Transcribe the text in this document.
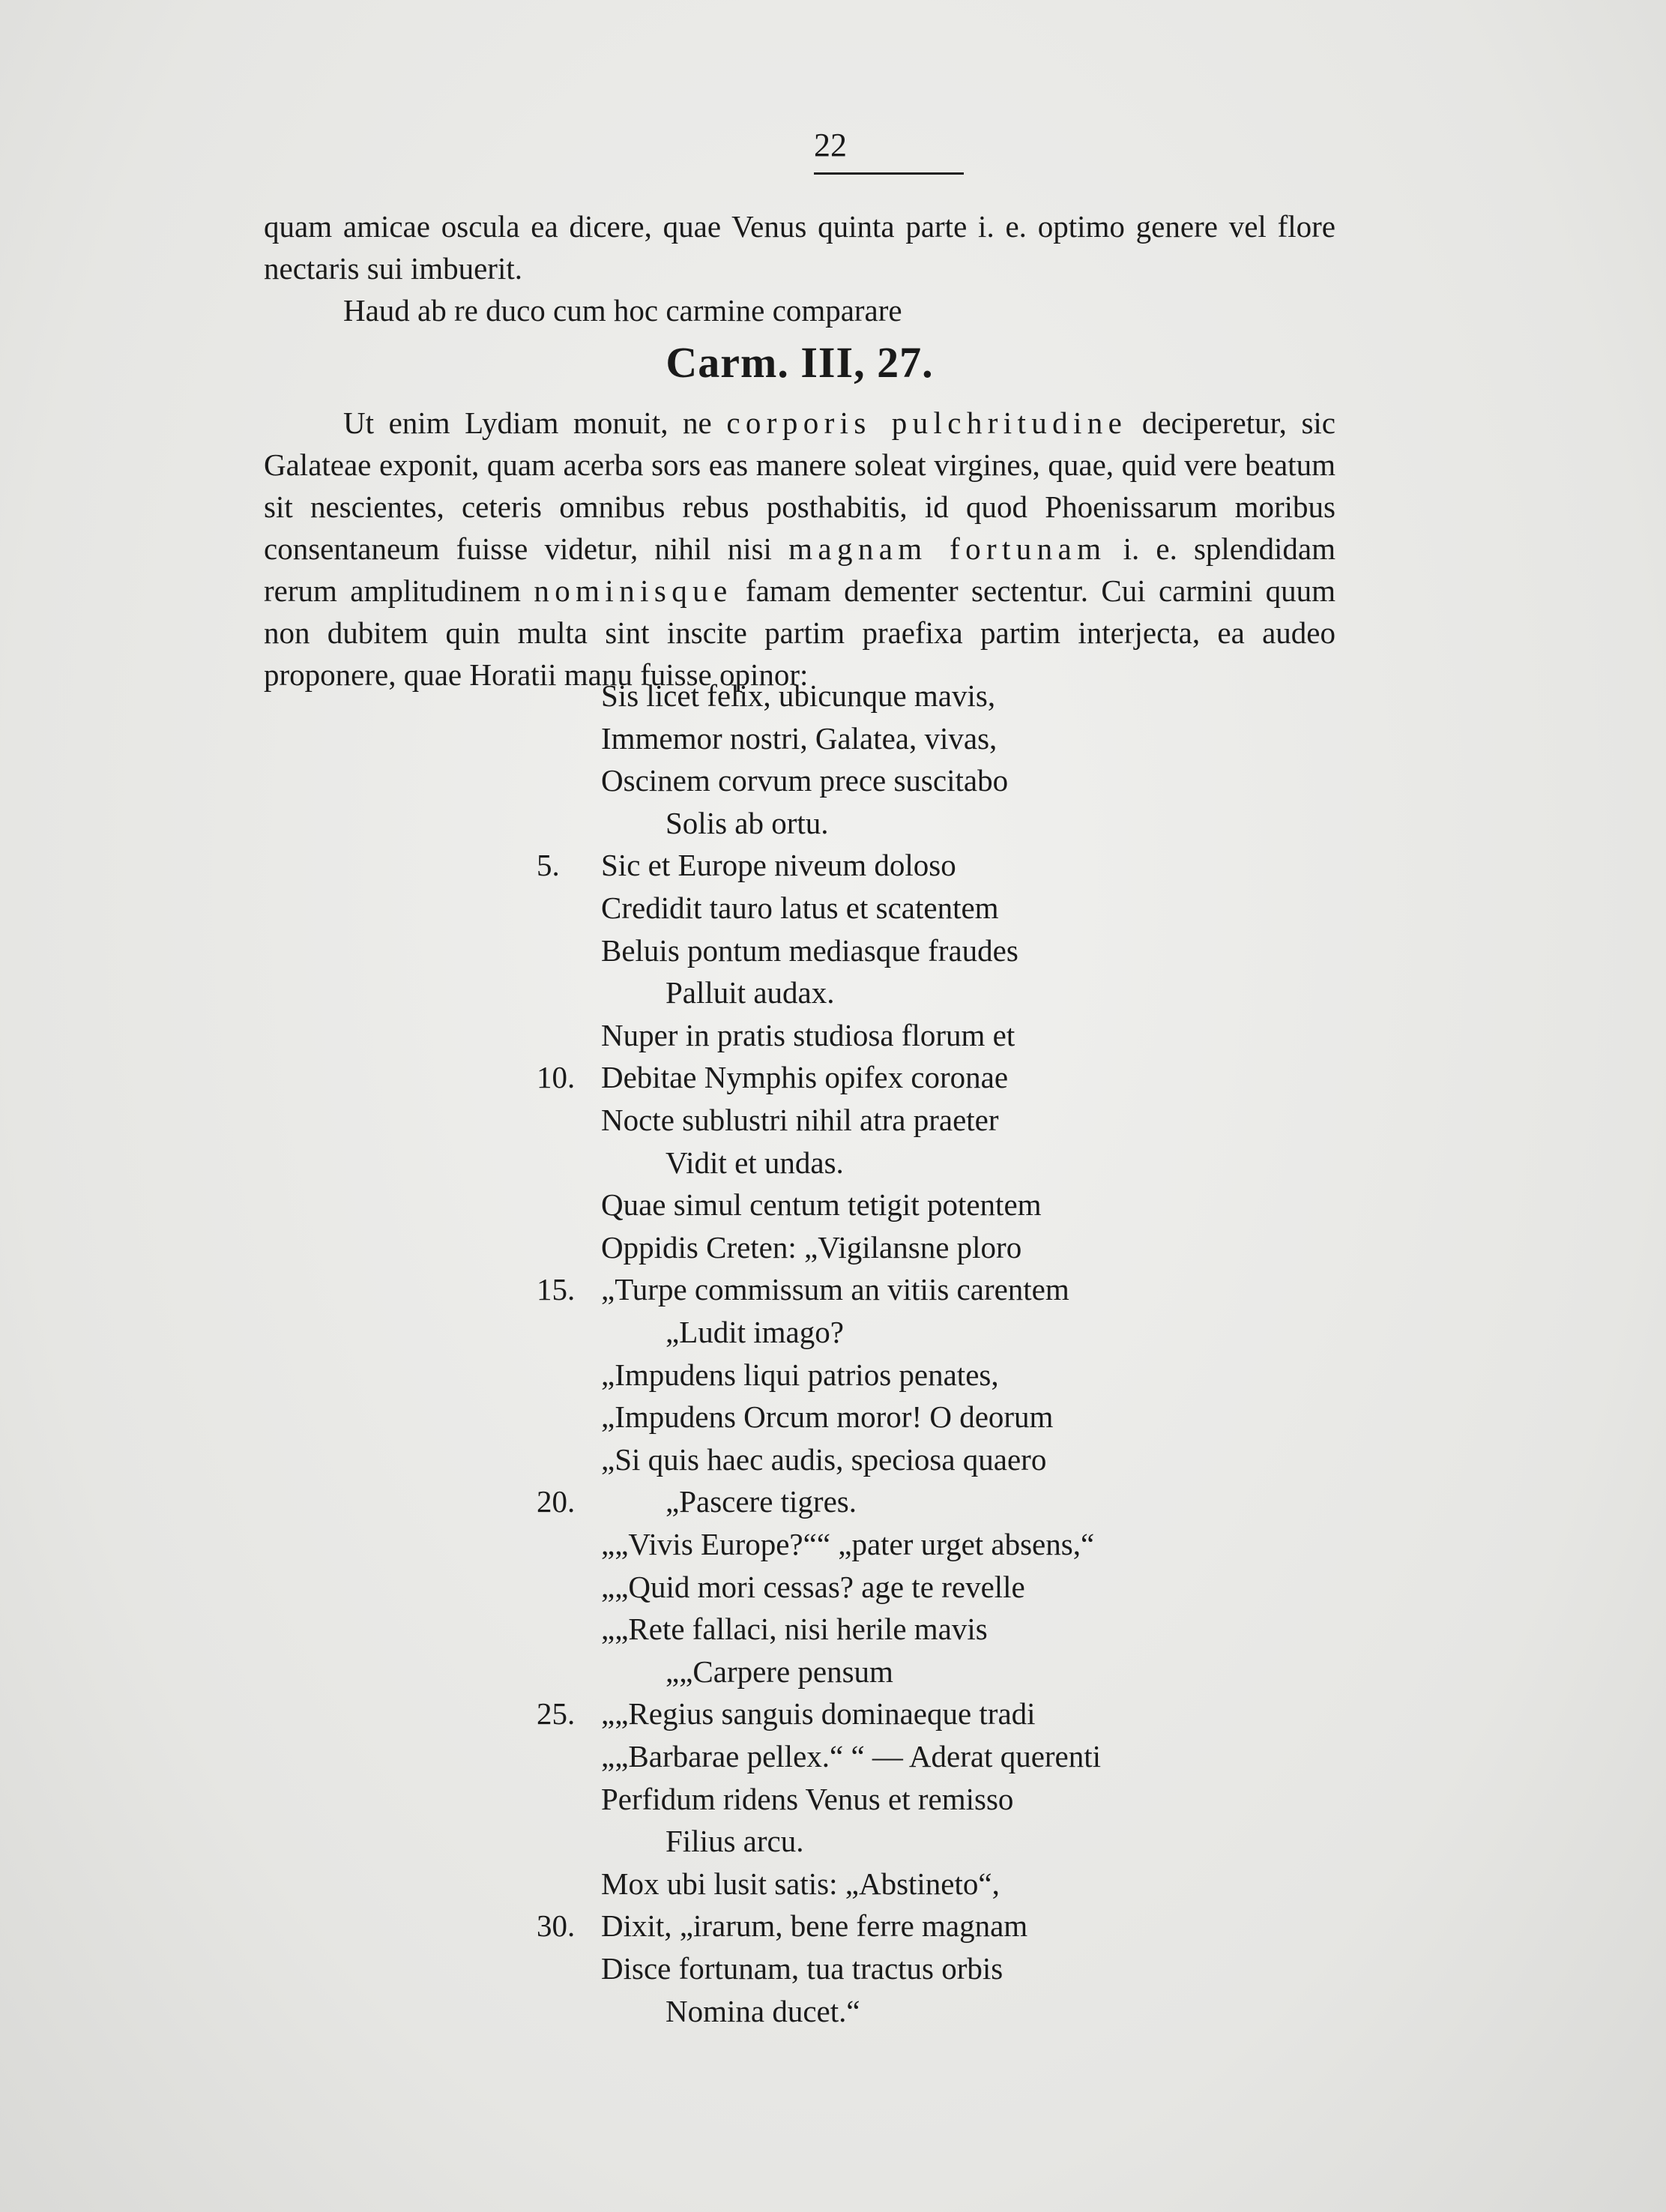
22

quam amicae oscula ea dicere, quae Venus quinta parte i. e. optimo genere vel flore nectaris sui imbuerit.

Haud ab re duco cum hoc carmine comparare

Carm. III, 27.

Ut enim Lydiam monuit, ne corporis pulchritudine deciperetur, sic Galateae exponit, quam acerba sors eas manere soleat virgines, quae, quid vere beatum sit nescientes, ceteris omnibus rebus posthabitis, id quod Phoenissarum moribus consentaneum fuisse videtur, nihil nisi magnam fortunam i. e. splendidam rerum amplitudinem nominisque famam dementer sectentur. Cui carmini quum non dubitem quin multa sint inscite partim praefixa partim interjecta, ea audeo proponere, quae Horatii manu fuisse opinor:

Sis licet felix, ubicunque mavis,
Immemor nostri, Galatea, vivas,
Oscinem corvum prece suscitabo
Solis ab ortu.
5.	Sic et Europe niveum doloso
Credidit tauro latus et scatentem
Beluis pontum mediasque fraudes
Palluit audax.
Nuper in pratis studiosa florum et
10. Debitae Nymphis opifex coronae
Nocte sublustri nihil atra praeter
Vidit et undas.
Quae simul centum tetigit potentem
Oppidis Creten: „Vigilansne ploro
15. „Turpe commissum an vitiis carentem
„Ludit imago?
„Impudens liqui patrios penates,
„Impudens Orcum moror! O deorum
„Si quis haec audis, speciosa quaero
20.	„Pascere tigres.
„„Vivis Europe?““ „pater urget absens,“
„„Quid mori cessas? age te revelle
„„Rete fallaci, nisi herile mavis
„„Carpere pensum
25. „„Regius sanguis dominaeque tradi
„„Barbarae pellex.“ “ — Aderat querenti
Perfidum ridens Venus et remisso
Filius arcu.
Mox ubi lusit satis: „Abstineto“,
30. Dixit, „irarum, bene ferre magnam
Disce fortunam, tua tractus orbis
Nomina ducet.“
